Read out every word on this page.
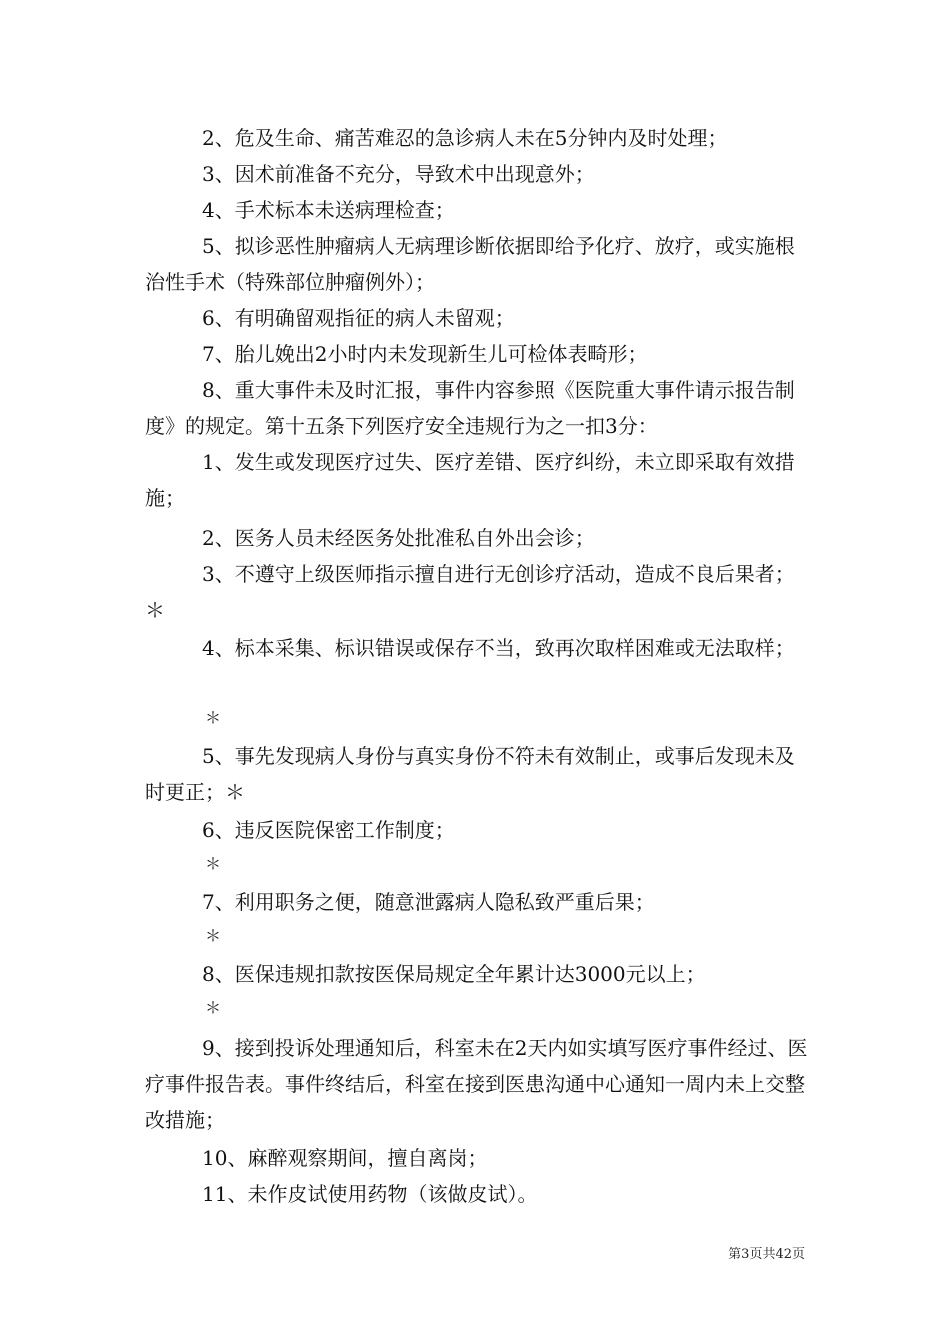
2、危及生命、痛苦难忍的急诊病人未在5分钟内及时处理；

3、因术前准备不充分，导致术中出现意外；

4、手术标本未送病理检查；

5、拟诊恶性肿瘤病人无病理诊断依据即给予化疗、放疗，或实施根治性手术（特殊部位肿瘤例外）；

6、有明确留观指征的病人未留观；

7、胎儿娩出2小时内未发现新生儿可检体表畸形；

8、重大事件未及时汇报，事件内容参照《医院重大事件请示报告制度》的规定。第十五条下列医疗安全违规行为之一扣3分：

1、发生或发现医疗过失、医疗差错、医疗纠纷，未立即采取有效措施；

2、医务人员未经医务处批准私自外出会诊；

3、不遵守上级医师指示擅自进行无创诊疗活动，造成不良后果者；＊

4、标本采集、标识错误或保存不当，致再次取样困难或无法取样；

＊

5、事先发现病人身份与真实身份不符未有效制止，或事后发现未及时更正；＊

6、违反医院保密工作制度；

＊

7、利用职务之便，随意泄露病人隐私致严重后果；

＊

8、医保违规扣款按医保局规定全年累计达3000元以上；

＊

9、接到投诉处理通知后，科室未在2天内如实填写医疗事件经过、医疗事件报告表。事件终结后，科室在接到医患沟通中心通知一周内未上交整改措施；

10、麻醉观察期间，擅自离岗；

11、未作皮试使用药物（该做皮试）。

第3页共42页
